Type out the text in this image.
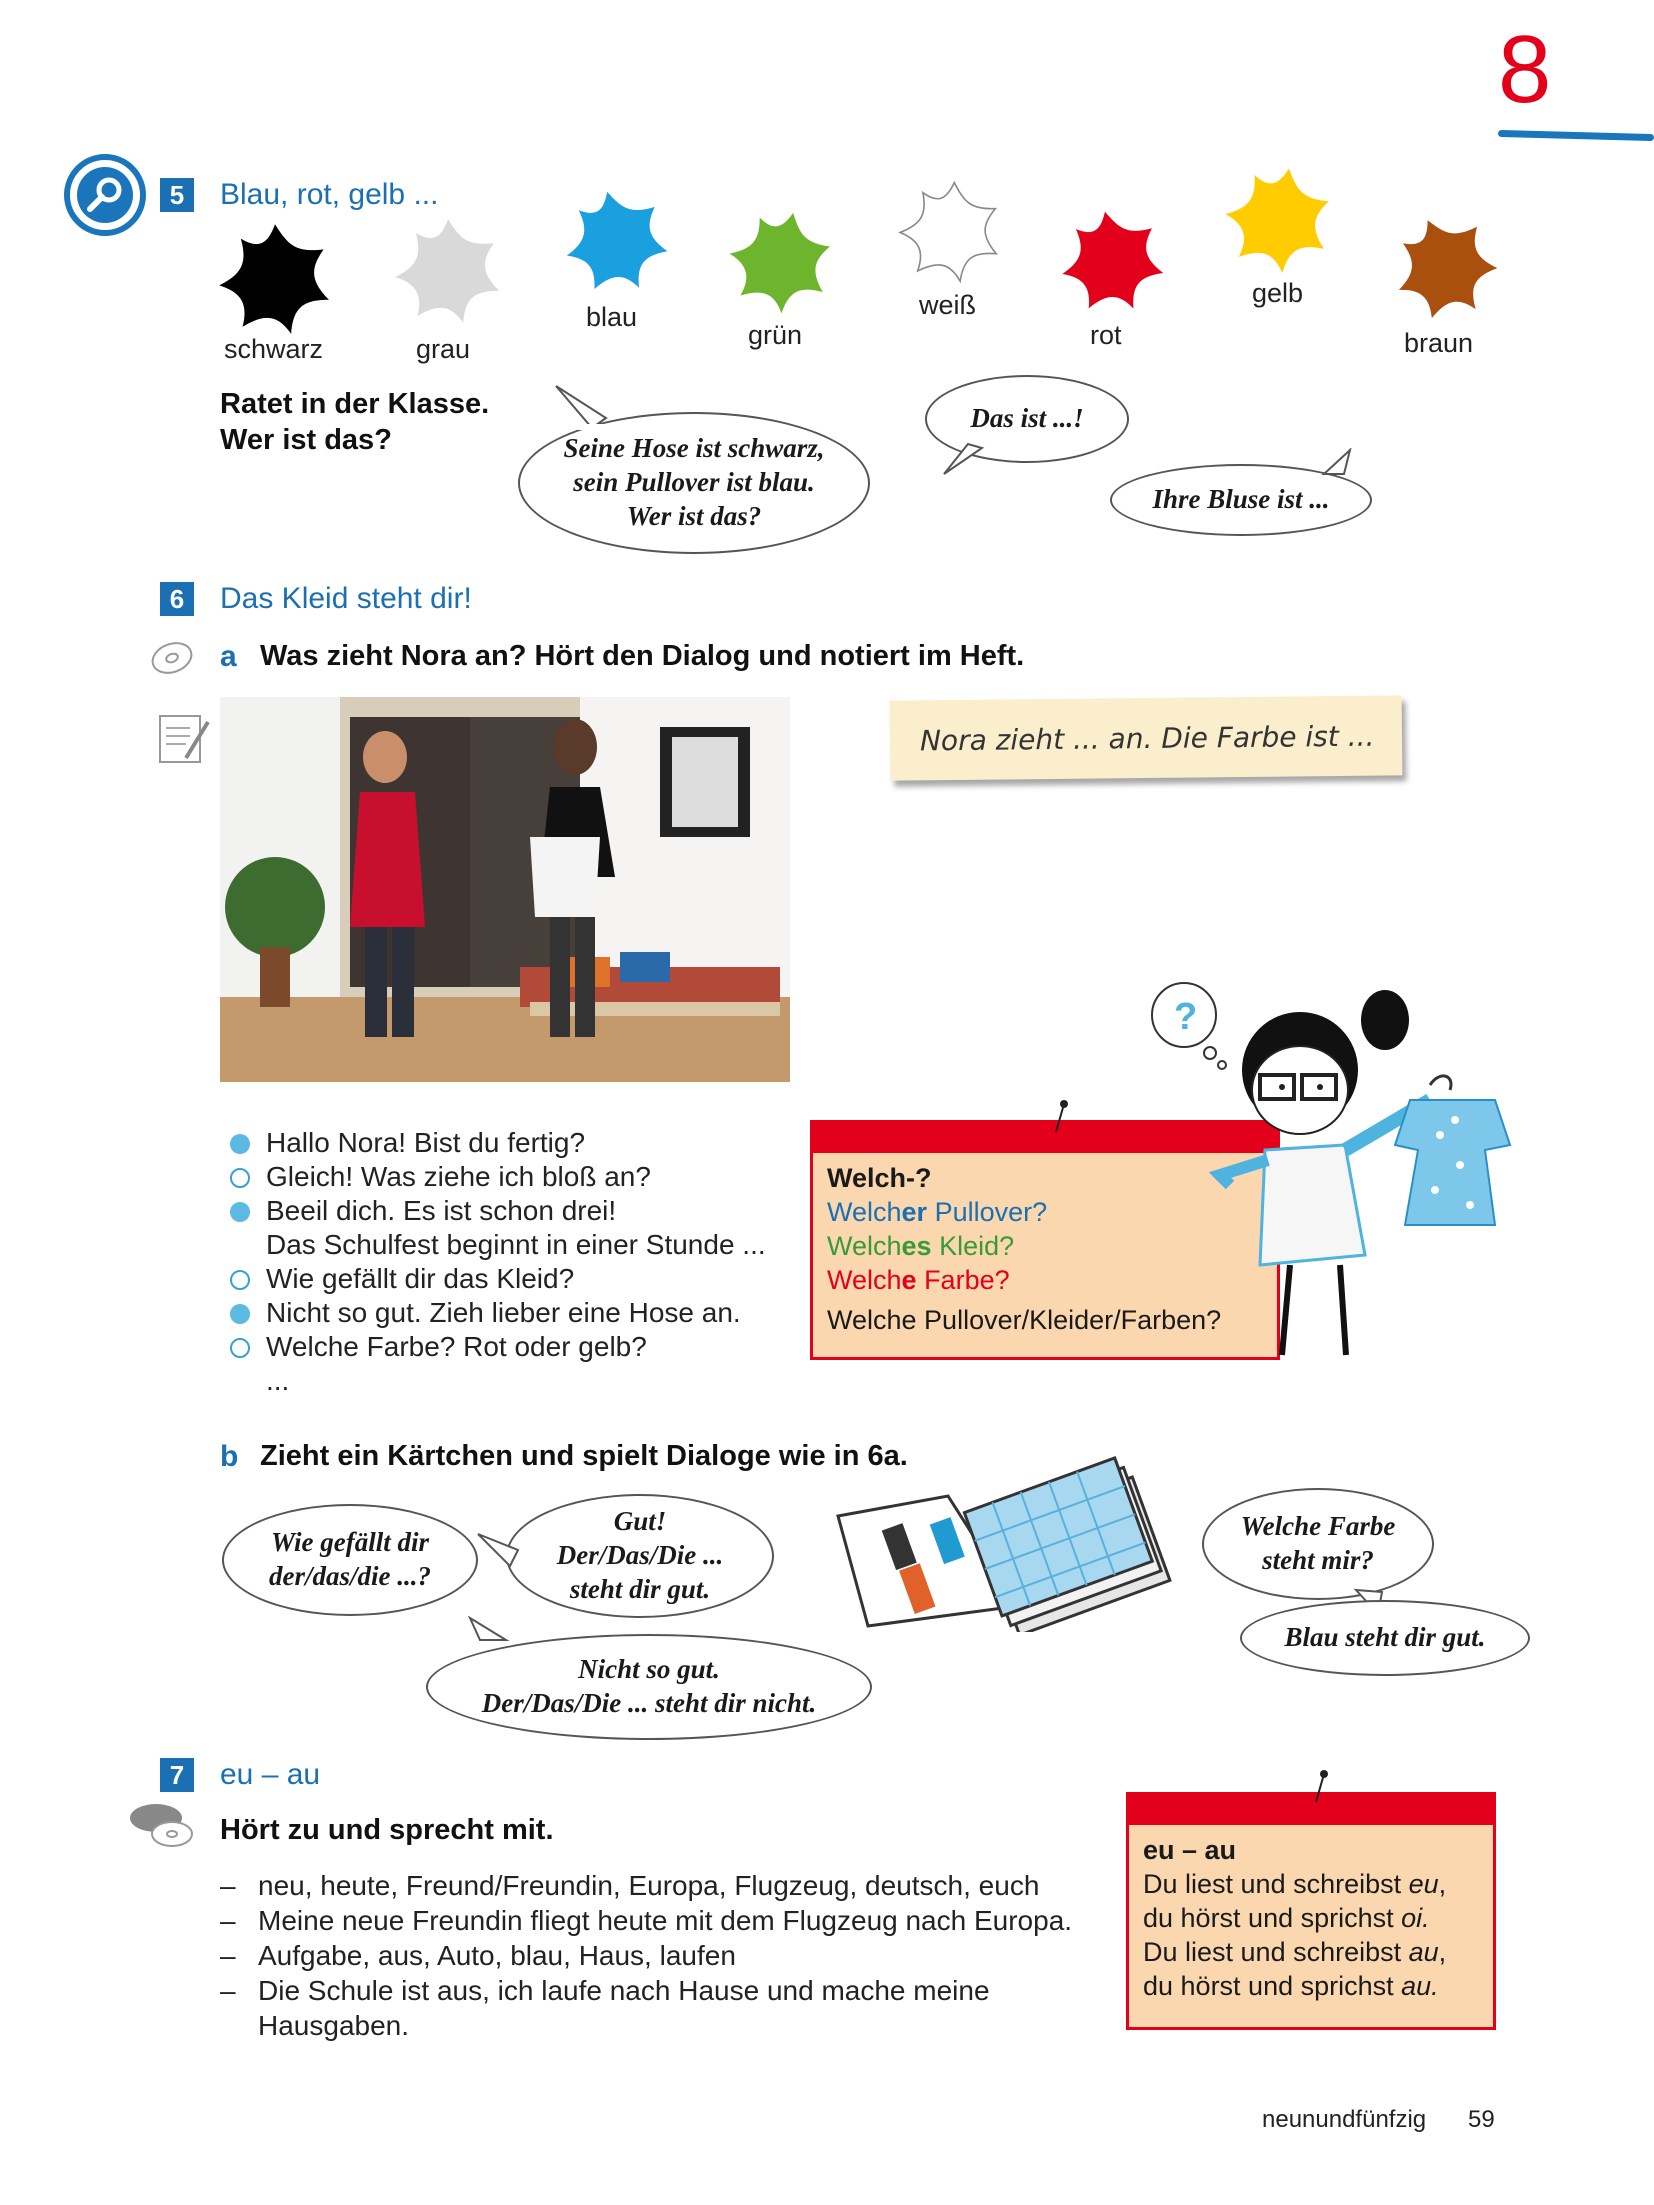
8
5	Blau, rot, gelb ...
schwarz	grau
blau
grün
weiß
rot
gelb
braun
Ratet in der Klasse.
Wer ist das?	Seine Hose ist schwarz,
sein Pullover ist blau.
Wer ist das?
Das ist ...!
Ihre Bluse ist ...
6	Das Kleid steht dir!
a Was zieht Nora an? Hört den Dialog und notiert im Heft.
Nora zieht ... an. Die Farbe ist ...
Hallo Nora! Bist du fertig?
Gleich! Was ziehe ich bloß an?
Beeil dich. Es ist schon drei!
Das Schulfest beginnt in einer Stunde ...
Wie gefällt dir das Kleid?
Nicht so gut. Zieh lieber eine Hose an.
Welche Farbe? Rot oder gelb?
...
Welch-?
Welcher Pullover?
Welches Kleid?
Welche Farbe?
Welche Pullover/Kleider/Farben?
?
b Zieht ein Kärtchen und spielt Dialoge wie in 6a.
Wie gefällt dir
der/das/die ...?
Gut!
Der/Das/Die ...
steht dir gut.
Nicht so gut.
Der/Das/Die ... steht dir nicht.
Welche Farbe
steht mir?
Blau steht dir gut.
7	eu – au
Hört zu und sprecht mit.
– neu, heute, Freund/Freundin, Europa, Flugzeug, deutsch, euch
– Meine neue Freundin fliegt heute mit dem Flugzeug nach Europa.
– Aufgabe, aus, Auto, blau, Haus, laufen
– Die Schule ist aus, ich laufe nach Hause und mache meine
Hausgaben.
eu – au
Du liest und schreibst eu,
du hörst und sprichst oi.
Du liest und schreibst au,
du hörst und sprichst au.
neunundfünfzig 59
